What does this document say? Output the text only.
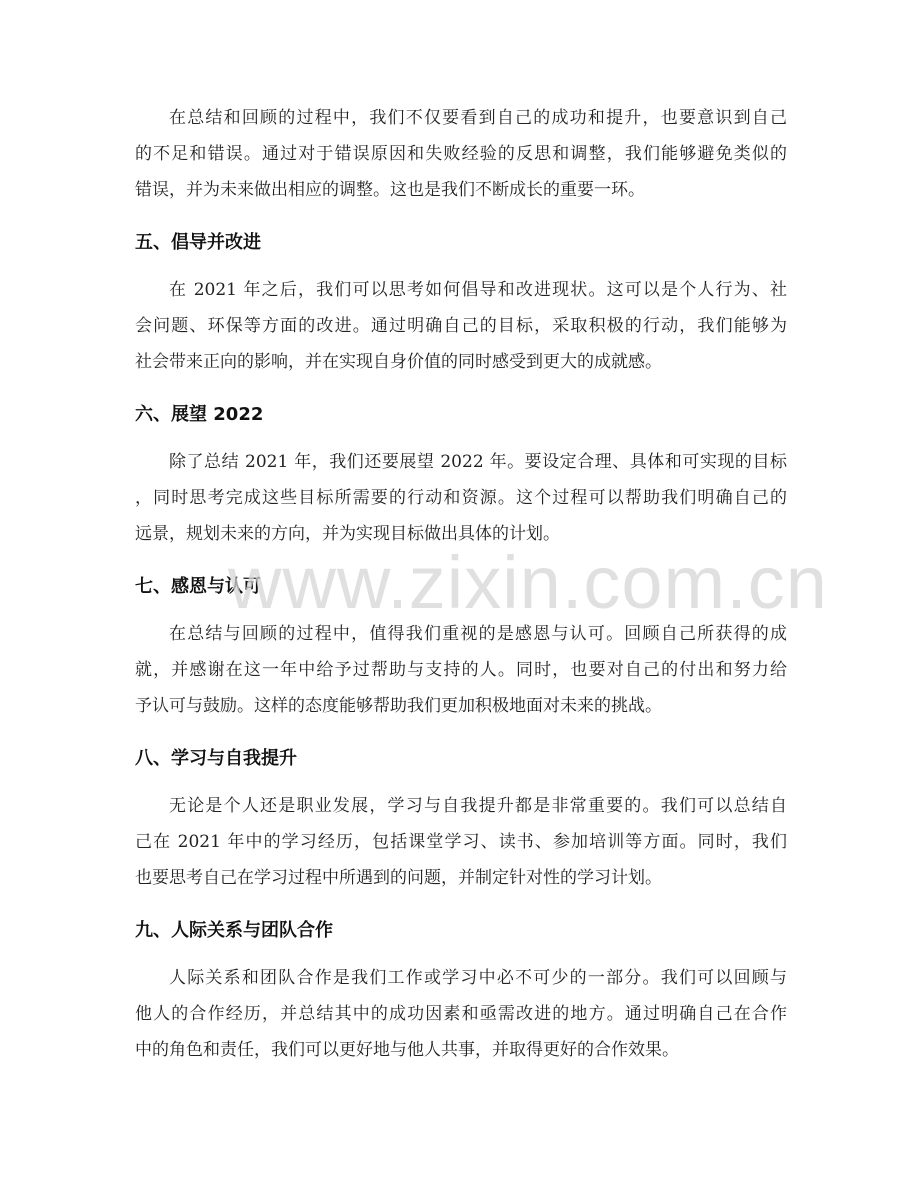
在总结和回顾的过程中，我们不仅要看到自己的成功和提升，也要意识到自己
的不足和错误。通过对于错误原因和失败经验的反思和调整，我们能够避免类似的
错误，并为未来做出相应的调整。这也是我们不断成长的重要一环。
五、倡导并改进
在 2021 年之后，我们可以思考如何倡导和改进现状。这可以是个人行为、社
会问题、环保等方面的改进。通过明确自己的目标，采取积极的行动，我们能够为
社会带来正向的影响，并在实现自身价值的同时感受到更大的成就感。
六、展望 2022
除了总结 2021 年，我们还要展望 2022 年。要设定合理、具体和可实现的目标
，同时思考完成这些目标所需要的行动和资源。这个过程可以帮助我们明确自己的
远景，规划未来的方向，并为实现目标做出具体的计划。
七、感恩与认可
在总结与回顾的过程中，值得我们重视的是感恩与认可。回顾自己所获得的成
就，并感谢在这一年中给予过帮助与支持的人。同时，也要对自己的付出和努力给
予认可与鼓励。这样的态度能够帮助我们更加积极地面对未来的挑战。
八、学习与自我提升
无论是个人还是职业发展，学习与自我提升都是非常重要的。我们可以总结自
己在 2021 年中的学习经历，包括课堂学习、读书、参加培训等方面。同时，我们
也要思考自己在学习过程中所遇到的问题，并制定针对性的学习计划。
九、人际关系与团队合作
人际关系和团队合作是我们工作或学习中必不可少的一部分。我们可以回顾与
他人的合作经历，并总结其中的成功因素和亟需改进的地方。通过明确自己在合作
中的角色和责任，我们可以更好地与他人共事，并取得更好的合作效果。
www.zixin.com.cn
